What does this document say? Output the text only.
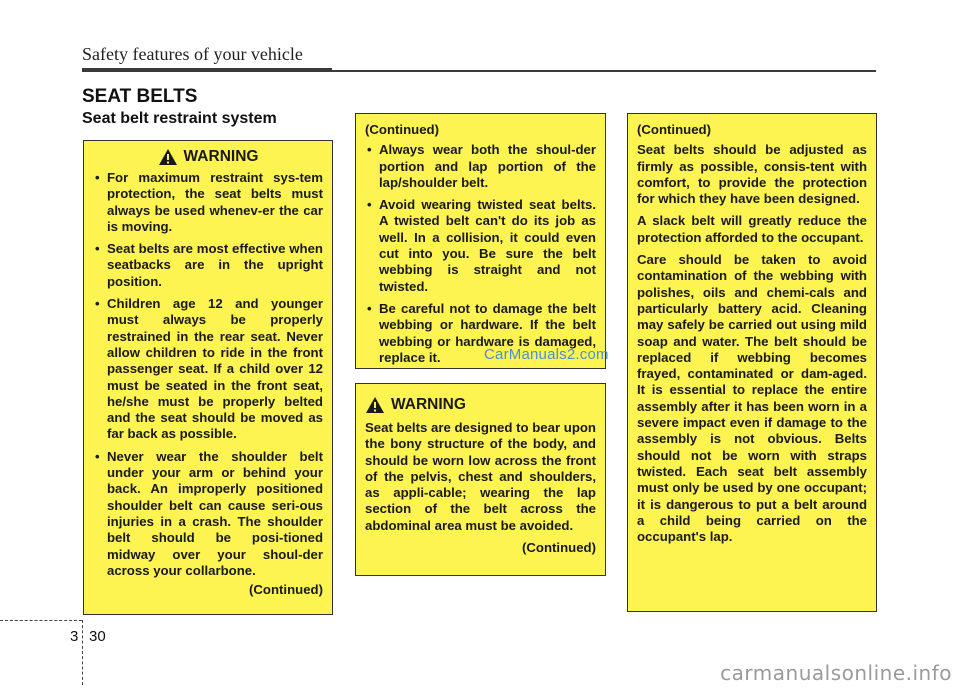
Safety features of your vehicle
SEAT BELTS
Seat belt restraint system
WARNING
• For maximum restraint sys-tem protection, the seat belts must always be used whenev-er the car is moving.
• Seat belts are most effective when seatbacks are in the upright position.
• Children age 12 and younger must always be properly restrained in the rear seat. Never allow children to ride in the front passenger seat. If a child over 12 must be seated in the front seat, he/she must be properly belted and the seat should be moved as far back as possible.
• Never wear the shoulder belt under your arm or behind your back. An improperly positioned shoulder belt can cause seri-ous injuries in a crash. The shoulder belt should be posi-tioned midway over your shoul-der across your collarbone.
(Continued)
(Continued)
• Always wear both the shoul-der portion and lap portion of the lap/shoulder belt.
• Avoid wearing twisted seat belts. A twisted belt can't do its job as well. In a collision, it could even cut into you. Be sure the belt webbing is straight and not twisted.
• Be careful not to damage the belt webbing or hardware. If the belt webbing or hardware is damaged, replace it.
WARNING
Seat belts are designed to bear upon the bony structure of the body, and should be worn low across the front of the pelvis, chest and shoulders, as appli-cable; wearing the lap section of the belt across the abdominal area must be avoided.
(Continued)
(Continued)
Seat belts should be adjusted as firmly as possible, consis-tent with comfort, to provide the protection for which they have been designed.
A slack belt will greatly reduce the protection afforded to the occupant.
Care should be taken to avoid contamination of the webbing with polishes, oils and chemi-cals and particularly battery acid. Cleaning may safely be carried out using mild soap and water. The belt should be replaced if webbing becomes frayed, contaminated or dam-aged. It is essential to replace the entire assembly after it has been worn in a severe impact even if damage to the assembly is not obvious. Belts should not be worn with straps twisted. Each seat belt assembly must only be used by one occupant; it is dangerous to put a belt around a child being carried on the occupant's lap.
CarManuals2.com
3 30
carmanualsonline.info
